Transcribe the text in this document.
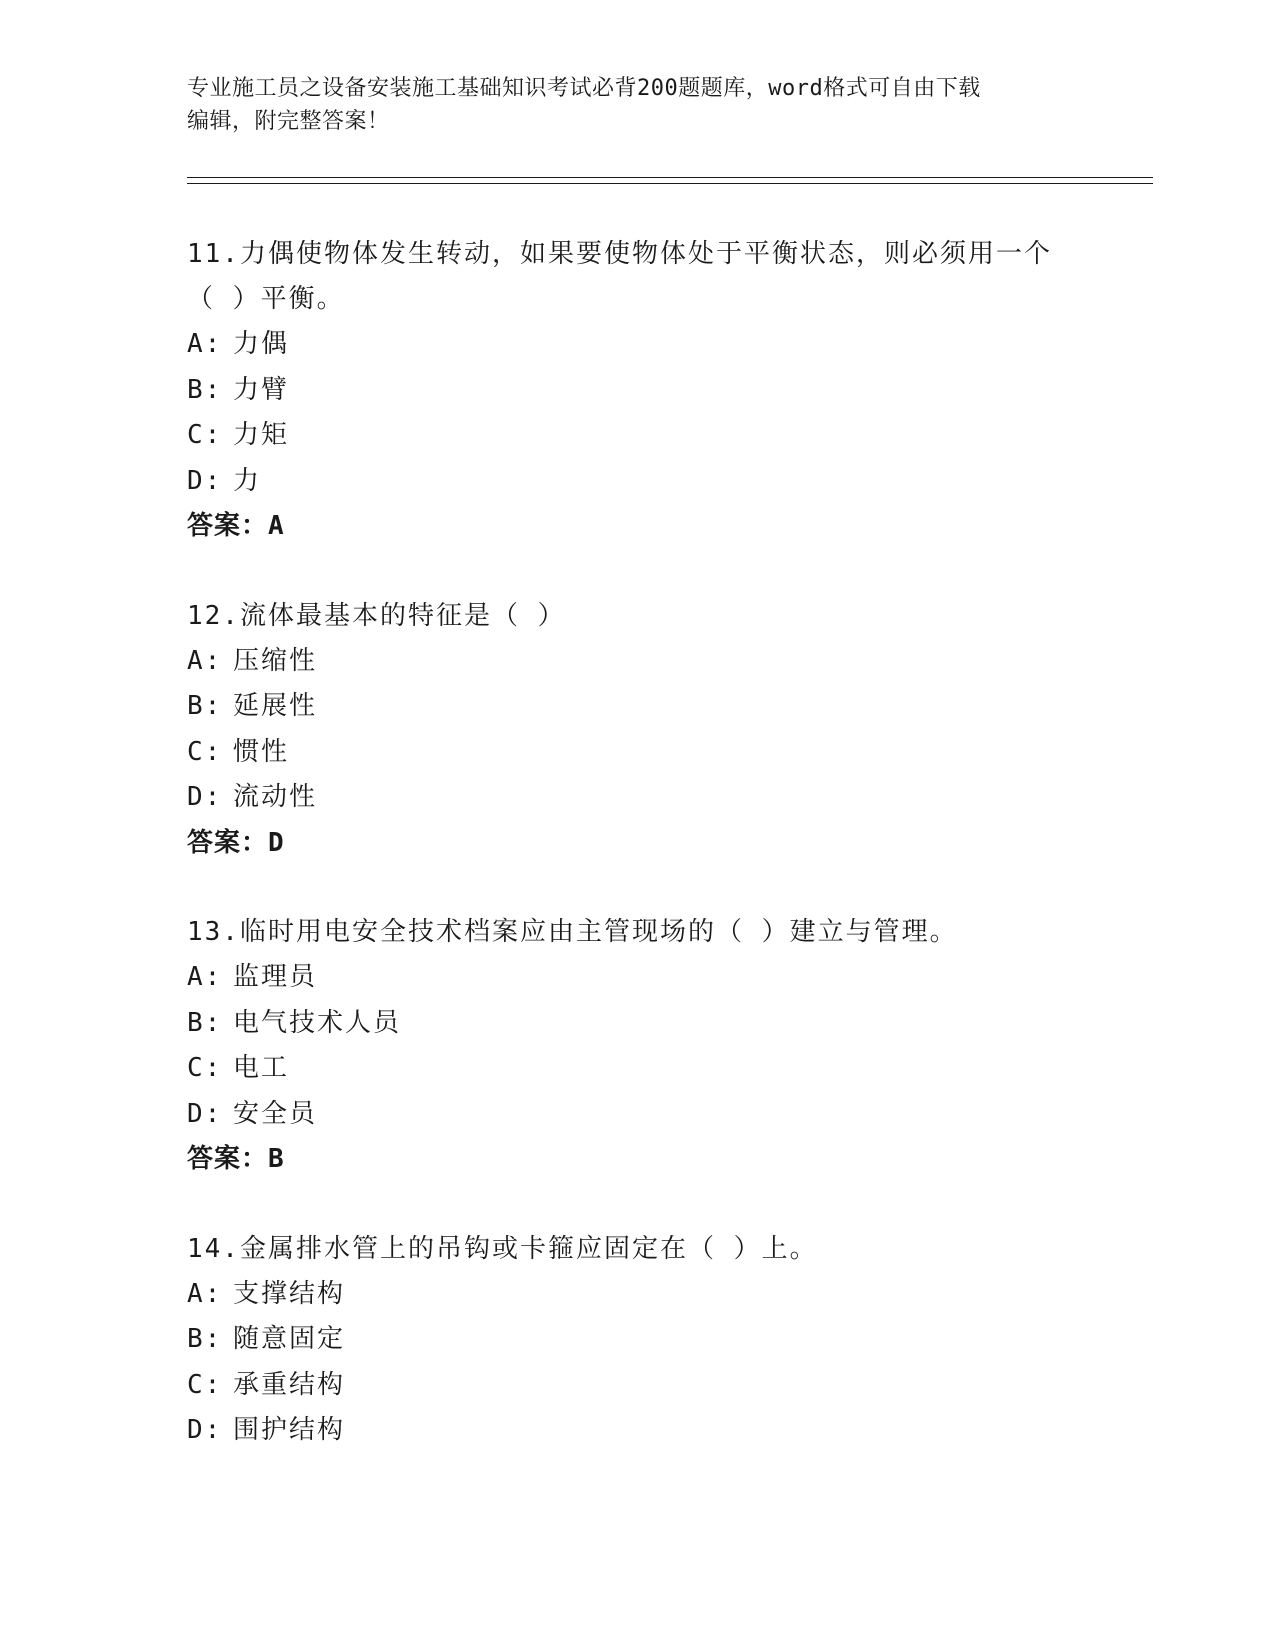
专业施工员之设备安装施工基础知识考试必背200题题库，word格式可自由下载
编辑，附完整答案！

11.力偶使物体发生转动，如果要使物体处于平衡状态，则必须用一个
（ ）平衡。

A: 力偶

B: 力臂

C: 力矩

D: 力

答案：A

12.流体最基本的特征是（ ）

A: 压缩性

B: 延展性

C: 惯性

D: 流动性

答案：D

13.临时用电安全技术档案应由主管现场的（ ）建立与管理。

A: 监理员

B: 电气技术人员

C: 电工

D: 安全员

答案：B

14.金属排水管上的吊钩或卡箍应固定在（ ）上。

A: 支撑结构

B: 随意固定

C: 承重结构

D: 围护结构
